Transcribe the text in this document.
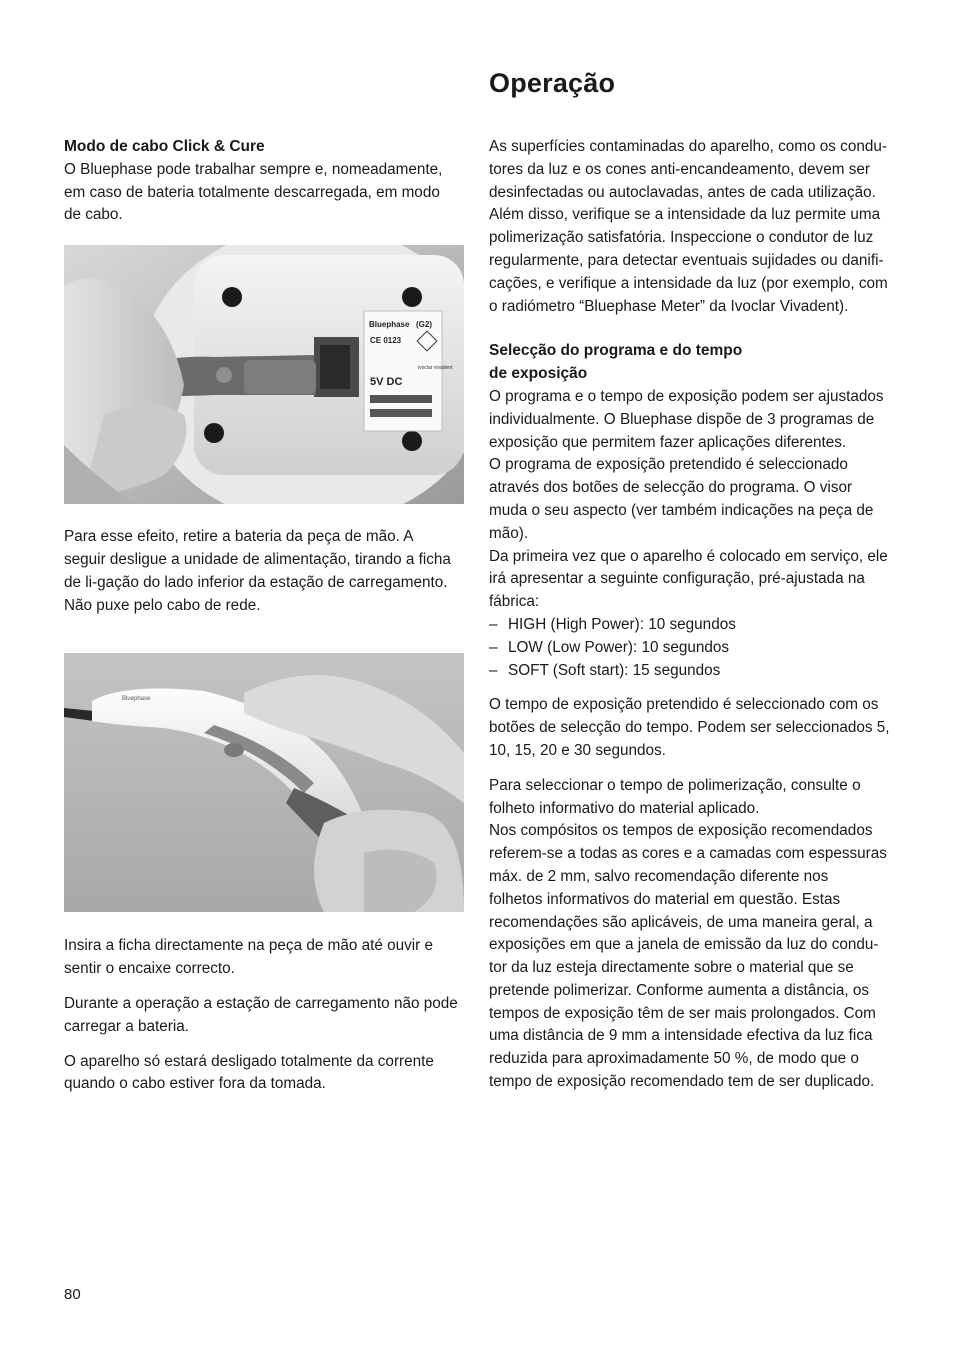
Operação

Modo de cabo Click & Cure

O Bluephase pode trabalhar sempre e, nomeadamente,

em caso de bateria totalmente descarregada, em modo

de cabo.

Bluephase (G2)
CE 0123
ivoclar vivadent
5V DC

Para esse efeito, retire a bateria da peça de mão. A

seguir desligue a unidade de alimentação, tirando a ficha

de li-gação do lado inferior da estação de carregamento.

Não puxe pelo cabo de rede.

Bluephase

Insira a ficha directamente na peça de mão até ouvir e

sentir o encaixe correcto.

Durante a operação a estação de carregamento não pode

carregar a bateria.

O aparelho só estará desligado totalmente da corrente

quando o cabo estiver fora da tomada.

As superfícies contaminadas do aparelho, como os condu-

tores da luz e os cones anti-encandeamento, devem ser

desinfectadas ou autoclavadas, antes de cada utilização.

Além disso, verifique se a intensidade da luz permite uma

polimerização satisfatória. Inspeccione o condutor de luz

regularmente, para detectar eventuais sujidades ou danifi-

cações, e verifique a intensidade da luz (por exemplo, com

o radiómetro “Bluephase Meter” da Ivoclar Vivadent).

Selecção do programa e do tempo

de exposição

O programa e o tempo de exposição podem ser ajustados

individualmente. O Bluephase dispõe de 3 programas de

exposição que permitem fazer aplicações diferentes.

O programa de exposição pretendido é seleccionado

através dos botões de selecção do programa. O visor

muda o seu aspecto (ver também indicações na peça de

mão).

Da primeira vez que o aparelho é colocado em serviço, ele

irá apresentar a seguinte configuração, pré-ajustada na

fábrica:

– HIGH (High Power): 10 segundos
– LOW (Low Power): 10 segundos
– SOFT (Soft start): 15 segundos

O tempo de exposição pretendido é seleccionado com os

botões de selecção do tempo. Podem ser seleccionados 5,

10, 15, 20 e 30 segundos.

Para seleccionar o tempo de polimerização, consulte o

folheto informativo do material aplicado.

Nos compósitos os tempos de exposição recomendados

referem-se a todas as cores e a camadas com espessuras

máx. de 2 mm, salvo recomendação diferente nos

folhetos informativos do material em questão. Estas

recomendações são aplicáveis, de uma maneira geral, a

exposições em que a janela de emissão da luz do condu-

tor da luz esteja directamente sobre o material que se

pretende polimerizar. Conforme aumenta a distância, os

tempos de exposição têm de ser mais prolongados. Com

uma distância de 9 mm a intensidade efectiva da luz fica

reduzida para aproximadamente 50 %, de modo que o

tempo de exposição recomendado tem de ser duplicado.

80
